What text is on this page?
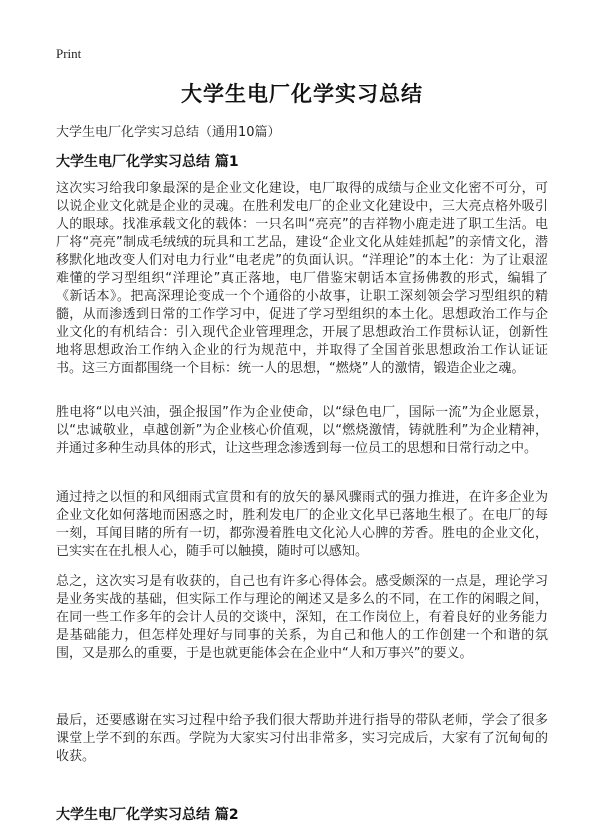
Print
大学生电厂化学实习总结

大学生电厂化学实习总结（通用10篇）

大学生电厂化学实习总结 篇1

这次实习给我印象最深的是企业文化建设，电厂取得的成绩与企业文化密不可分，可以说企业文化就是企业的灵魂。在胜利发电厂的企业文化建设中，三大亮点格外吸引人的眼球。找准承载文化的载体：一只名叫“亮亮”的吉祥物小鹿走进了职工生活。电厂将“亮亮”制成毛绒绒的玩具和工艺品，建设“企业文化从娃娃抓起”的亲情文化，潜移默化地改变人们对电力行业“电老虎”的负面认识。“洋理论”的本土化：为了让艰涩难懂的学习型组织“洋理论”真正落地，电厂借鉴宋朝话本宣扬佛教的形式，编辑了《新话本》。把高深理论变成一个个通俗的小故事，让职工深刻领会学习型组织的精髓，从而渗透到日常的工作学习中，促进了学习型组织的本土化。思想政治工作与企业文化的有机结合：引入现代企业管理理念，开展了思想政治工作贯标认证，创新性地将思想政治工作纳入企业的行为规范中，并取得了全国首张思想政治工作认证证书。这三方面都围绕一个目标：统一人的思想，“燃烧”人的激情，锻造企业之魂。

胜电将“以电兴油，强企报国”作为企业使命，以“绿色电厂，国际一流”为企业愿景，以“忠诚敬业，卓越创新”为企业核心价值观，以“燃烧激情，铸就胜利”为企业精神，并通过多种生动具体的形式，让这些理念渗透到每一位员工的思想和日常行动之中。

通过持之以恒的和风细雨式宣贯和有的放矢的暴风骤雨式的强力推进，在许多企业为企业文化如何落地而困惑之时，胜利发电厂的企业文化早已落地生根了。在电厂的每一刻，耳闻目睹的所有一切，都弥漫着胜电文化沁人心脾的芳香。胜电的企业文化，已实实在在扎根人心，随手可以触摸，随时可以感知。

总之，这次实习是有收获的，自己也有许多心得体会。感受颇深的一点是，理论学习是业务实战的基础，但实际工作与理论的阐述又是多么的不同，在工作的闲暇之间，在同一些工作多年的会计人员的交谈中，深知，在工作岗位上，有着良好的业务能力是基础能力，但怎样处理好与同事的关系，为自己和他人的工作创建一个和谐的氛围，又是那么的重要，于是也就更能体会在企业中“人和万事兴”的要义。

最后，还要感谢在实习过程中给予我们很大帮助并进行指导的带队老师，学会了很多课堂上学不到的东西。学院为大家实习付出非常多，实习完成后，大家有了沉甸甸的收获。

大学生电厂化学实习总结 篇2
